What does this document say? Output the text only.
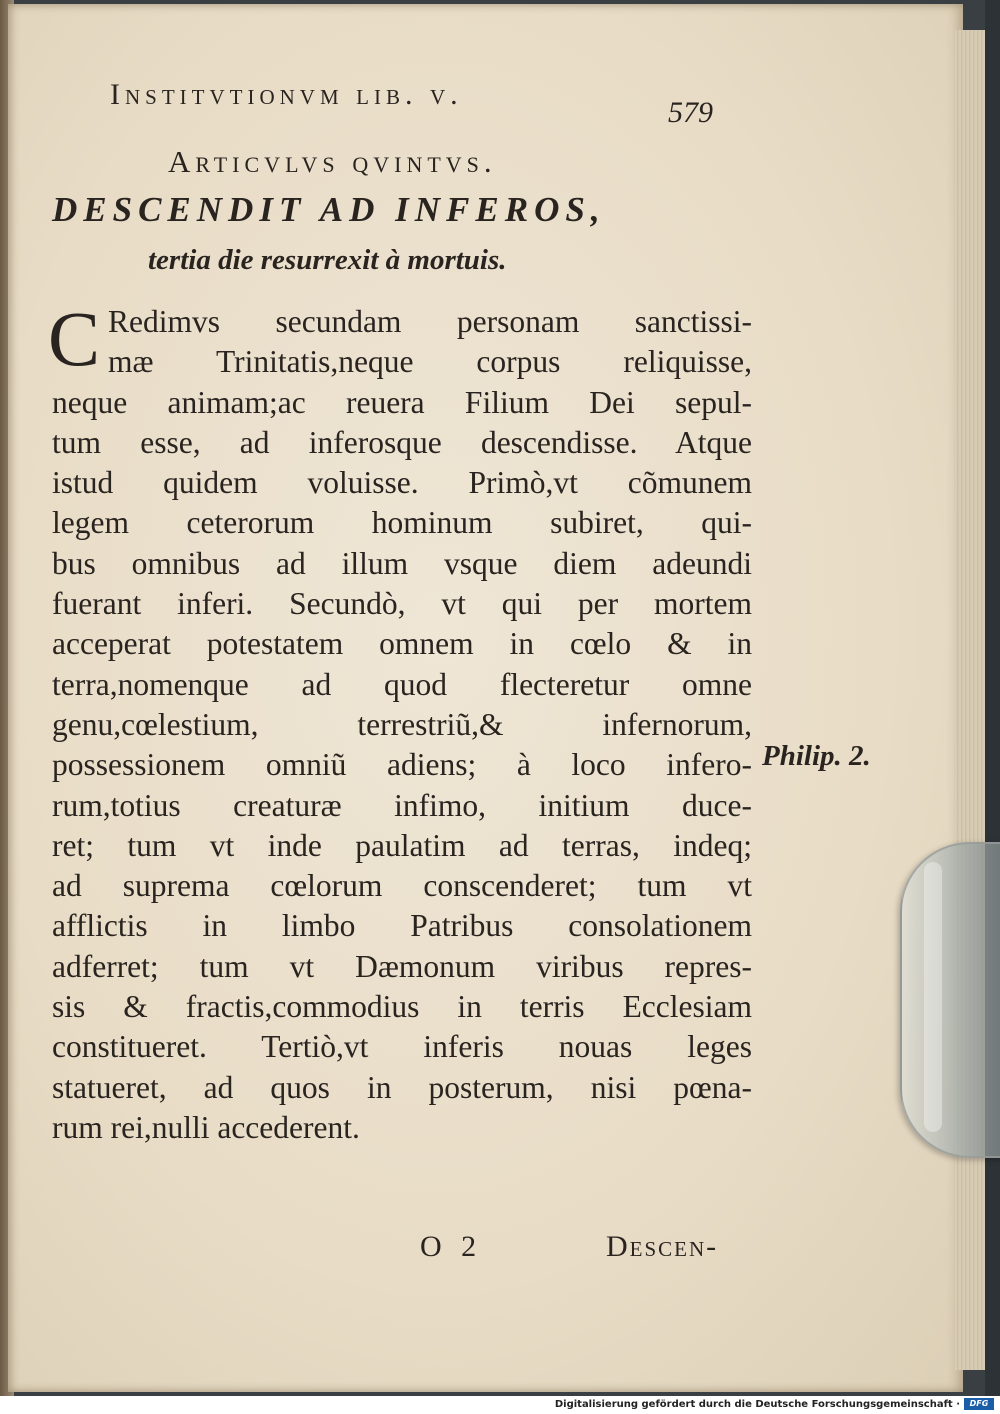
Institvtionvm lib. v.
579
Articvlvs qvintvs.
DESCENDIT AD INFEROS,
tertia die resurrexit à mortuis.
C Redimvs secundam personam sanctissi-
mæ Trinitatis,neque corpus reliquisse,
neque animam;ac reuera Filium Dei sepul-
tum esse, ad inferosque descendisse. Atque
istud quidem voluisse. Primò,vt cõmunem
legem ceterorum hominum subiret, qui-
bus omnibus ad illum vsque diem adeundi
fuerant inferi. Secundò, vt qui per mortem
acceperat potestatem omnem in cœlo & in
terra,nomenque ad quod flecteretur omne
genu,cœlestium, terrestriũ,& infernorum,
possessionem omniũ adiens; à loco infero-
rum,totius creaturæ infimo, initium duce-
ret; tum vt inde paulatim ad terras, indeq;
ad suprema cœlorum conscenderet; tum vt
afflictis in limbo Patribus consolationem
adferret; tum vt Dæmonum viribus repres-
sis & fractis,commodius in terris Ecclesiam
constitueret. Tertiò,vt inferis nouas leges
statueret, ad quos in posterum, nisi pœna-
rum rei,nulli accederent.
Philip. 2.
O 2	Descen-
Digitalisierung gefördert durch die Deutsche Forschungsgemeinschaft ·	DFG
